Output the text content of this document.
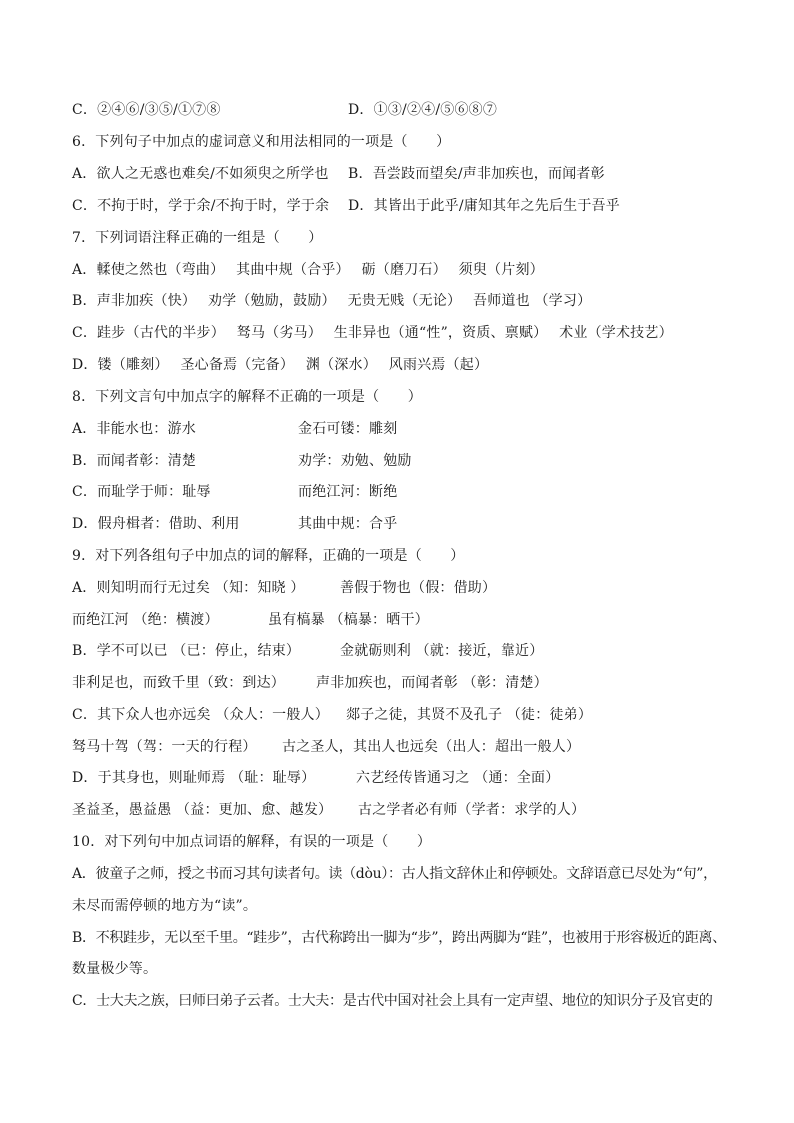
C．②④⑥/③⑤/①⑦⑧

	D．①③/②④/⑤⑥⑧⑦

6．下列句子中加点的虚词意义和用法相同的一项是（　　）

A．欲人之无惑也难矣/不如须臾之所学也

B．吾尝跂而望矣/声非加疾也，而闻者彰

C．不拘于时，学于余/不拘于时，学于余

D．其皆出于此乎/庸知其年之先后生于吾乎

7．下列词语注释正确的一组是（　　）
A．輮使之然也（弯曲）　 其曲中规（合乎）　 砺（磨刀石）　 须臾（片刻）
B．声非加疾（快）　 劝学（勉励，鼓励）　 无贵无贱（无论）　 吾师道也 （学习）
C．跬步（古代的半步）　 驽马（劣马）　 生非异也（通“性”，资质、禀赋）　 术业（学术技艺）
D．镂（雕刻）　 圣心备焉（完备）　 渊（深水）　 风雨兴焉（起）
8．下列文言句中加点字的解释不正确的一项是（　　）

A．非能水也：游水

	金石可镂：雕刻

B．而闻者彰：清楚

	劝学：劝勉、勉励

C．而耻学于师：耻辱

	而绝江河：断绝

D．假舟楫者：借助、利用

	其曲中规：合乎

9．对下列各组句子中加点的词的解释，正确的一项是（　　）

A．则知明而行无过矣 （知：知晓 ）

	善假于物也（假：借助）

而绝江河 （绝：横渡）

	虽有槁暴 （槁暴：晒干）

B．学不可以已 （已：停止，结束）

	金就砺则利 （就：接近，靠近）

非利足也，而致千里（致：到达）

声非加疾也，而闻者彰 （彰：清楚）

C．其下众人也亦远矣 （众人：一般人）

郯子之徒，其贤不及孔子 （徒：徒弟）

驽马十驾（驾：一天的行程）

古之圣人，其出人也远矣（出人：超出一般人）

D．于其身也，则耻师焉 （耻：耻辱）

	六艺经传皆通习之 （通：全面）

圣益圣，愚益愚 （益：更加、愈、越发）

古之学者必有师（学者：求学的人）

10．对下列句中加点词语的解释，有误的一项是（　　）
A．彼童子之师，授之书而习其句读者句。读（dòu）：古人指文辞休止和停顿处。文辞语意已尽处为“句”，
未尽而需停顿的地方为“读”。
B．不积跬步，无以至千里。“跬步”，古代称跨出一脚为“步”，跨出两脚为“跬”，也被用于形容极近的距离、
数量极少等。
C．士大夫之族，曰师曰弟子云者。士大夫：是古代中国对社会上具有一定声望、地位的知识分子及官吏的
